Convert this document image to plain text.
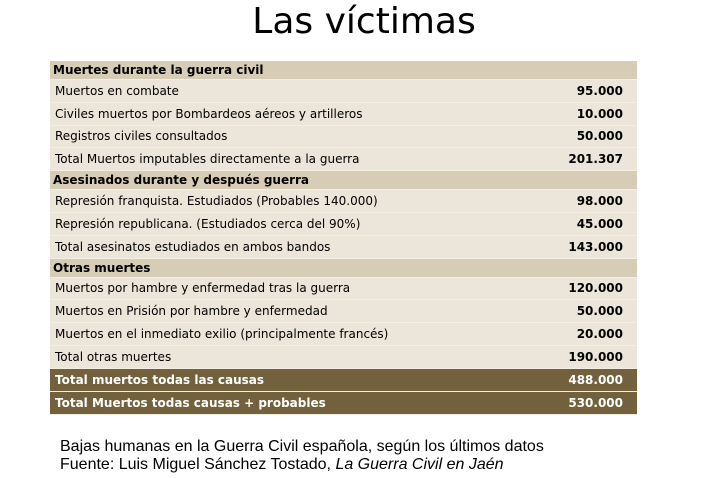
Las víctimas
Muertes durante la guerra civil
Muertos en combate	95.000
Civiles muertos por Bombardeos aéreos y artilleros	10.000
Registros civiles consultados	50.000
Total Muertos imputables directamente a la guerra	201.307
Asesinados durante y después guerra
Represión franquista. Estudiados (Probables 140.000)	98.000
Represión republicana. (Estudiados cerca del 90%)	45.000
Total asesinatos estudiados en ambos bandos	143.000
Otras muertes
Muertos por hambre y enfermedad tras la guerra	120.000
Muertos en Prisión por hambre y enfermedad	50.000
Muertos en el inmediato exilio (principalmente francés)	20.000
Total otras muertes	190.000
Total muertos todas las causas	488.000
Total Muertos todas causas + probables	530.000
Bajas humanas en la Guerra Civil española, según los últimos datos
Fuente: Luis Miguel Sánchez Tostado, La Guerra Civil en Jaén
